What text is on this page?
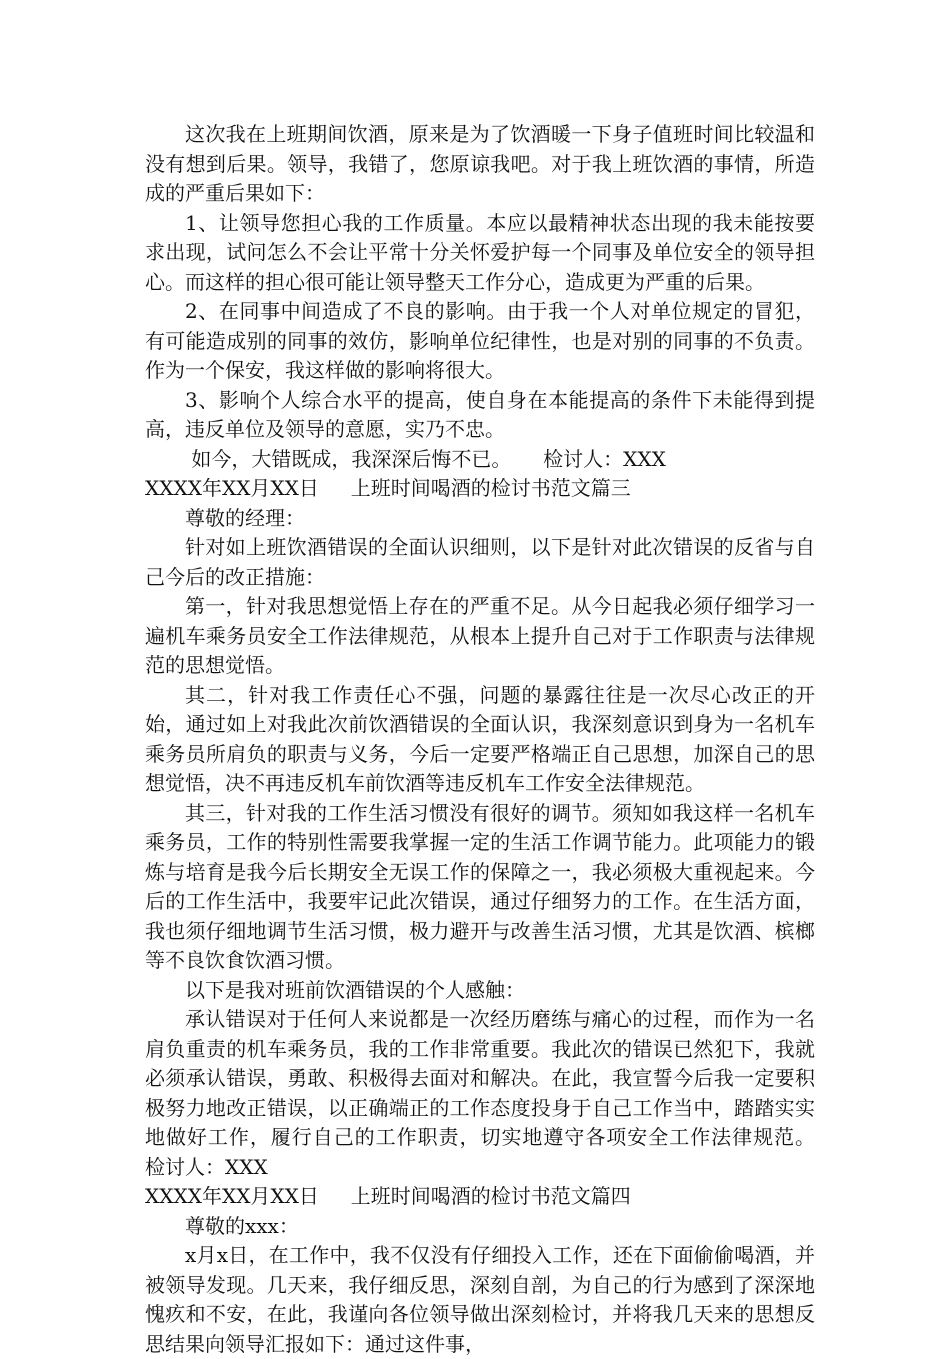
这次我在上班期间饮酒，原来是为了饮酒暖一下身子值班时间比较温和没有想到后果。领导，我错了，您原谅我吧。对于我上班饮酒的事情，所造成的严重后果如下：

1、让领导您担心我的工作质量。本应以最精神状态出现的我未能按要求出现，试问怎么不会让平常十分关怀爱护每一个同事及单位安全的领导担心。而这样的担心很可能让领导整天工作分心，造成更为严重的后果。

2、在同事中间造成了不良的影响。由于我一个人对单位规定的冒犯，有可能造成别的同事的效仿，影响单位纪律性，也是对别的同事的不负责。作为一个保安，我这样做的影响将很大。

3、影响个人综合水平的提高，使自身在本能提高的条件下未能得到提高，违反单位及领导的意愿，实乃不忠。

如今，大错既成，我深深后悔不已。     检讨人：XXX

XXXX年XX月XX日     上班时间喝酒的检讨书范文篇三

尊敬的经理：

针对如上班饮酒错误的全面认识细则，以下是针对此次错误的反省与自己今后的改正措施：

第一，针对我思想觉悟上存在的严重不足。从今日起我必须仔细学习一遍机车乘务员安全工作法律规范，从根本上提升自己对于工作职责与法律规范的思想觉悟。

其二，针对我工作责任心不强，问题的暴露往往是一次尽心改正的开始，通过如上对我此次前饮酒错误的全面认识，我深刻意识到身为一名机车乘务员所肩负的职责与义务，今后一定要严格端正自己思想，加深自己的思想觉悟，决不再违反机车前饮酒等违反机车工作安全法律规范。

其三，针对我的工作生活习惯没有很好的调节。须知如我这样一名机车乘务员，工作的特别性需要我掌握一定的生活工作调节能力。此项能力的锻炼与培育是我今后长期安全无误工作的保障之一，我必须极大重视起来。今后的工作生活中，我要牢记此次错误，通过仔细努力的工作。在生活方面，我也须仔细地调节生活习惯，极力避开与改善生活习惯，尤其是饮酒、槟榔等不良饮食饮酒习惯。

以下是我对班前饮酒错误的个人感触：

承认错误对于任何人来说都是一次经历磨练与痛心的过程，而作为一名肩负重责的机车乘务员，我的工作非常重要。我此次的错误已然犯下，我就必须承认错误，勇敢、积极得去面对和解决。在此，我宣誓今后我一定要积极努力地改正错误，以正确端正的工作态度投身于自己工作当中，踏踏实实地做好工作，履行自己的工作职责，切实地遵守各项安全工作法律规范。     检讨人：XXX

XXXX年XX月XX日     上班时间喝酒的检讨书范文篇四

尊敬的xxx：

x月x日，在工作中，我不仅没有仔细投入工作，还在下面偷偷喝酒，并被领导发现。几天来，我仔细反思，深刻自剖，为自己的行为感到了深深地愧疚和不安，在此，我谨向各位领导做出深刻检讨，并将我几天来的思想反思结果向领导汇报如下：通过这件事，
